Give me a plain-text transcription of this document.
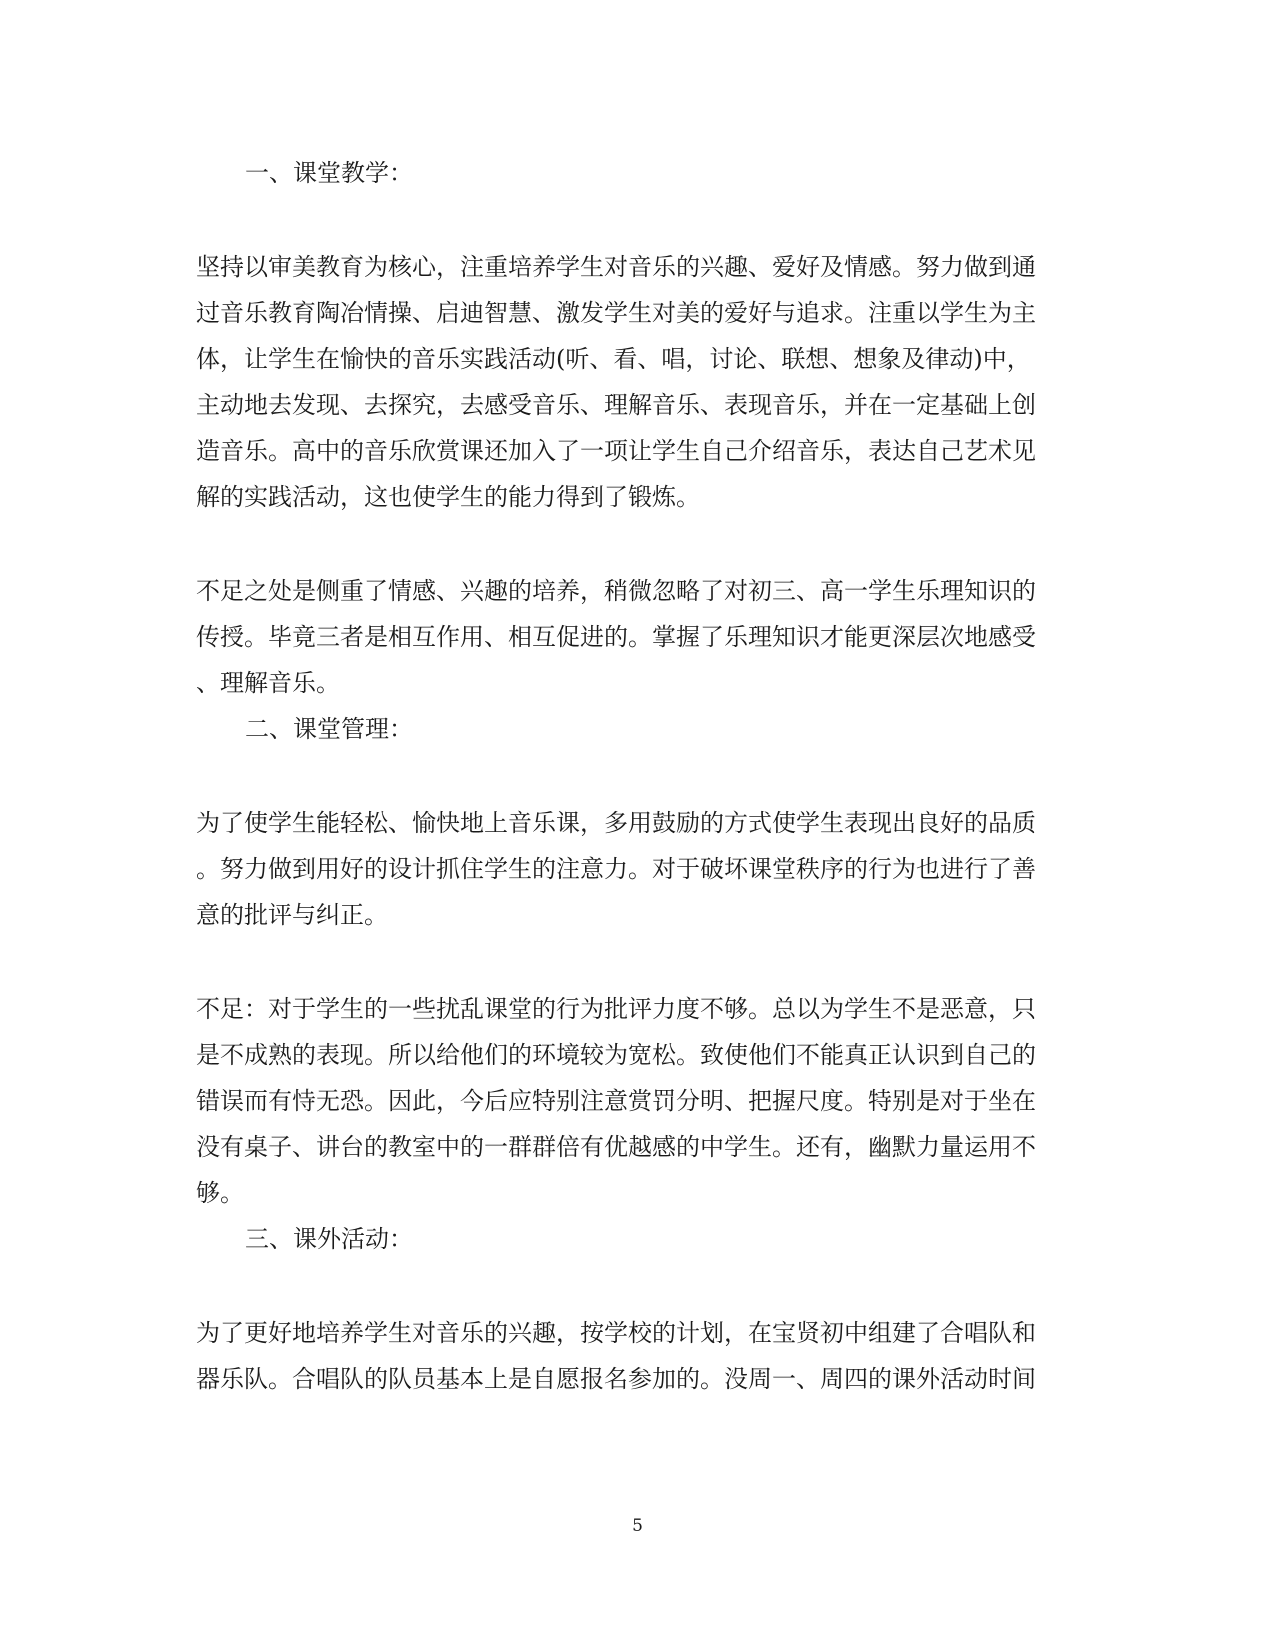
一、课堂教学：
坚持以审美教育为核心，注重培养学生对音乐的兴趣、爱好及情感。努力做到通
过音乐教育陶冶情操、启迪智慧、激发学生对美的爱好与追求。注重以学生为主
体，让学生在愉快的音乐实践活动(听、看、唱，讨论、联想、想象及律动)中，
主动地去发现、去探究，去感受音乐、理解音乐、表现音乐，并在一定基础上创
造音乐。高中的音乐欣赏课还加入了一项让学生自己介绍音乐，表达自己艺术见
解的实践活动，这也使学生的能力得到了锻炼。
不足之处是侧重了情感、兴趣的培养，稍微忽略了对初三、高一学生乐理知识的
传授。毕竟三者是相互作用、相互促进的。掌握了乐理知识才能更深层次地感受
、理解音乐。
二、课堂管理：
为了使学生能轻松、愉快地上音乐课，多用鼓励的方式使学生表现出良好的品质
。努力做到用好的设计抓住学生的注意力。对于破坏课堂秩序的行为也进行了善
意的批评与纠正。
不足：对于学生的一些扰乱课堂的行为批评力度不够。总以为学生不是恶意，只
是不成熟的表现。所以给他们的环境较为宽松。致使他们不能真正认识到自己的
错误而有恃无恐。因此，今后应特别注意赏罚分明、把握尺度。特别是对于坐在
没有桌子、讲台的教室中的一群群倍有优越感的中学生。还有，幽默力量运用不
够。
三、课外活动：
为了更好地培养学生对音乐的兴趣，按学校的计划，在宝贤初中组建了合唱队和
器乐队。合唱队的队员基本上是自愿报名参加的。没周一、周四的课外活动时间
5
